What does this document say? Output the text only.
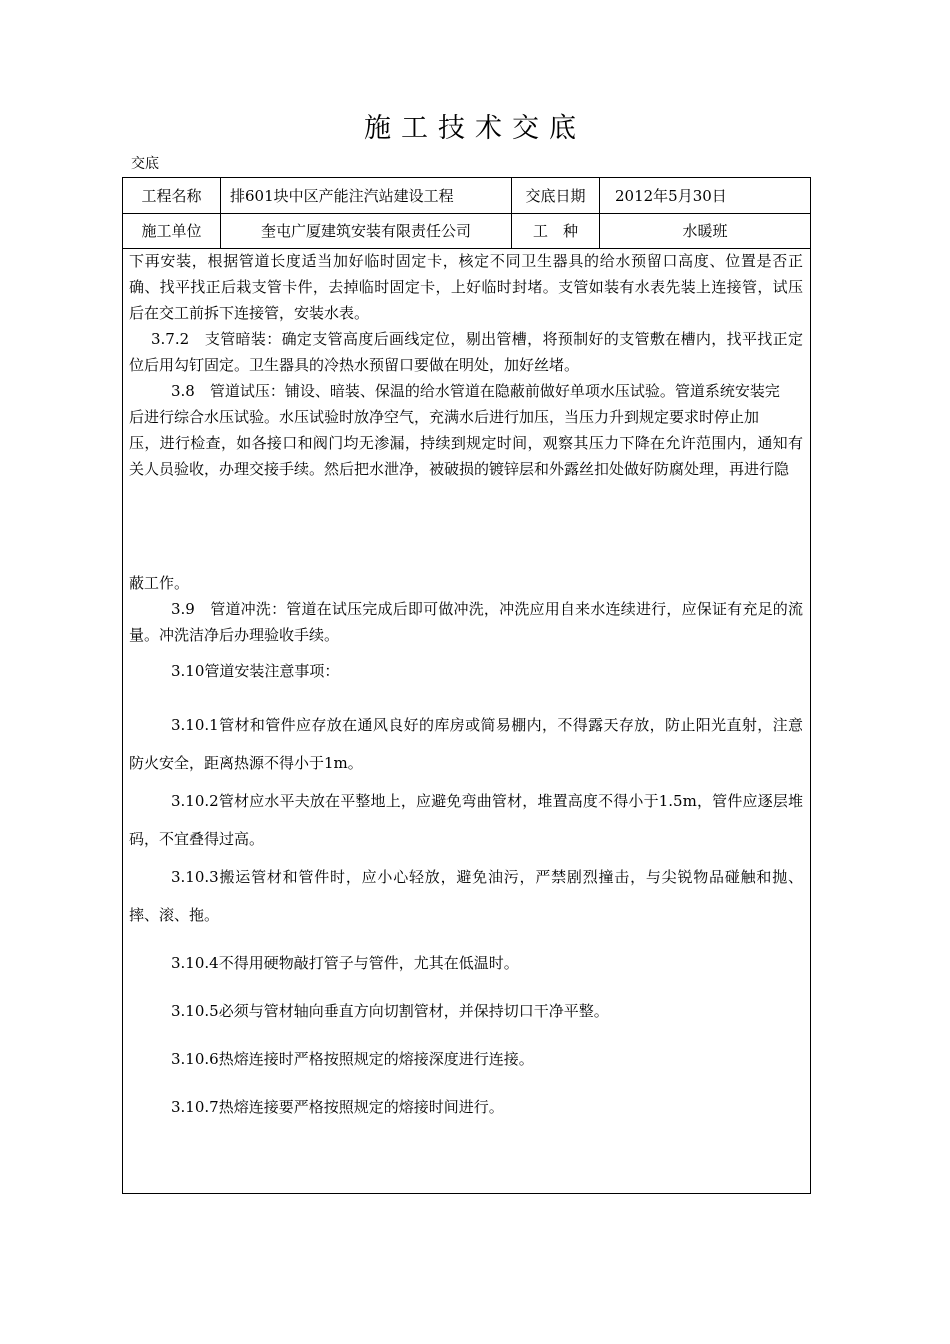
施工技术交底
交底
工程名称	排601块中区产能注汽站建设工程	交底日期	2012年5月30日
施工单位	奎屯广厦建筑安装有限责任公司	工　种	水暖班

下再安装，根据管道长度适当加好临时固定卡，核定不同卫生器具的给水预留口高度、位置是否正确、找平找正后栽支管卡件，去掉临时固定卡，上好临时封堵。支管如装有水表先装上连接管，试压后在交工前拆下连接管，安装水表。

3.7.2　支管暗装：确定支管高度后画线定位，剔出管槽，将预制好的支管敷在槽内，找平找正定位后用勾钉固定。卫生器具的冷热水预留口要做在明处，加好丝堵。

3.8　管道试压：铺设、暗装、保温的给水管道在隐蔽前做好单项水压试验。管道系统安装完

后进行综合水压试验。水压试验时放净空气，充满水后进行加压，当压力升到规定要求时停止加

压，进行检查，如各接口和阀门均无渗漏，持续到规定时间，观察其压力下降在允许范围内，通知有关人员验收，办理交接手续。然后把水泄净，被破损的镀锌层和外露丝扣处做好防腐处理，再进行隐

蔽工作。

3.9　管道冲洗：管道在试压完成后即可做冲洗，冲洗应用自来水连续进行，应保证有充足的流量。冲洗洁净后办理验收手续。

3.10管道安装注意事项：

3.10.1管材和管件应存放在通风良好的库房或简易棚内，不得露天存放，防止阳光直射，注意防火安全，距离热源不得小于1m。

3.10.2管材应水平夫放在平整地上，应避免弯曲管材，堆置高度不得小于1.5m，管件应逐层堆码，不宜叠得过高。

3.10.3搬运管材和管件时，应小心轻放，避免油污，严禁剧烈撞击，与尖锐物品碰触和抛、摔、滚、拖。

3.10.4不得用硬物敲打管子与管件，尤其在低温时。

3.10.5必须与管材轴向垂直方向切割管材，并保持切口干净平整。

3.10.6热熔连接时严格按照规定的熔接深度进行连接。

3.10.7热熔连接要严格按照规定的熔接时间进行。
